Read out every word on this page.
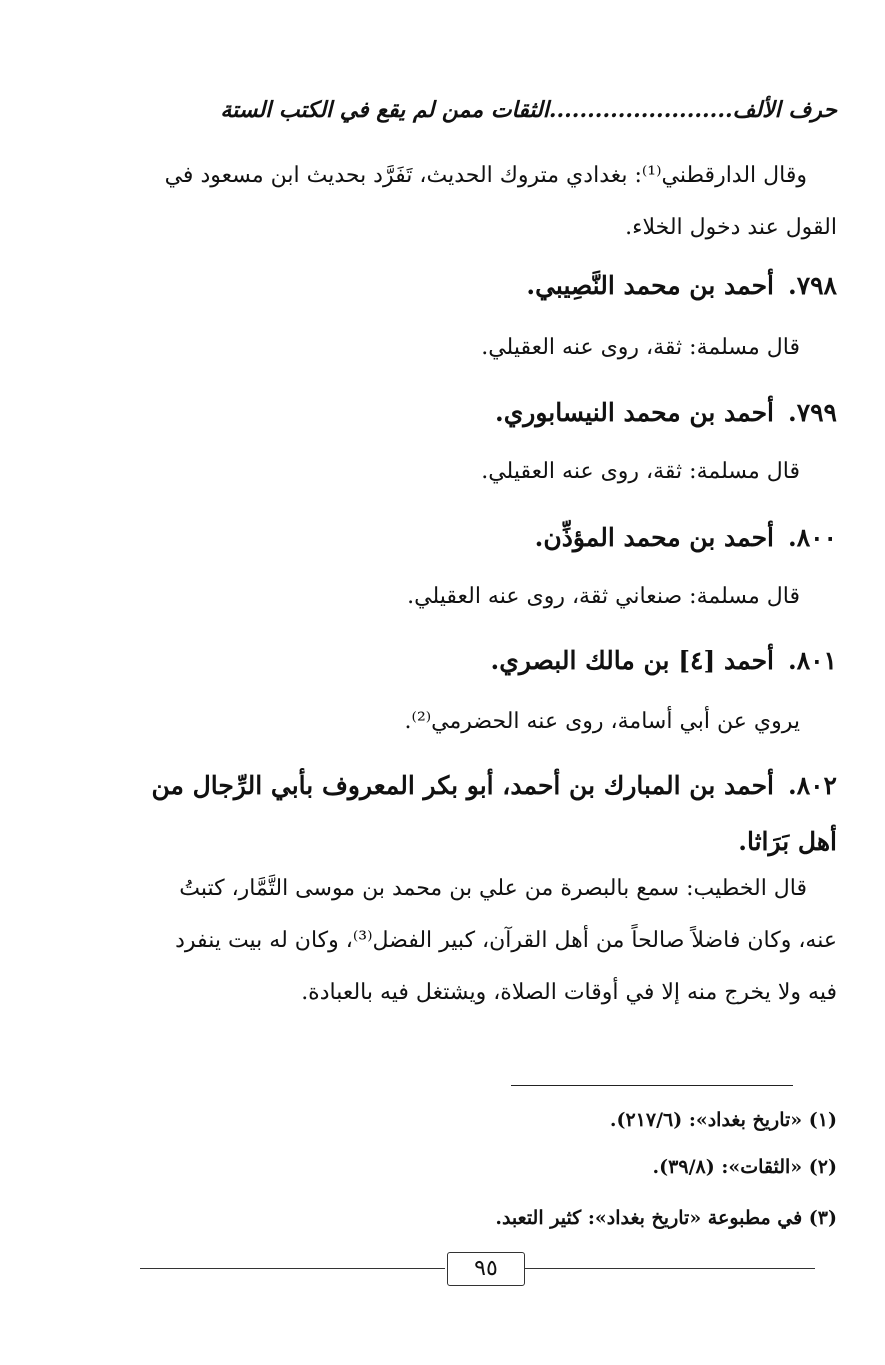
حرف الألف........................الثقات ممن لم يقع في الكتب الستة
وقال الدارقطني⁽¹⁾: بغدادي متروك الحديث، تَفَرَّد بحديث ابن مسعود في القول عند دخول الخلاء.
٧٩٨.أحمد بن محمد النَّصِيبي.
قال مسلمة: ثقة، روى عنه العقيلي.
٧٩٩.أحمد بن محمد النيسابوري.
قال مسلمة: ثقة، روى عنه العقيلي.
٨٠٠.أحمد بن محمد المؤذِّن.
قال مسلمة: صنعاني ثقة، روى عنه العقيلي.
٨٠١.أحمد [٤] بن مالك البصري.
يروي عن أبي أسامة، روى عنه الحضرمي⁽²⁾.
٨٠٢.أحمد بن المبارك بن أحمد، أبو بكر المعروف بأبي الرِّجال من أهل بَرَاثا.
قال الخطيب: سمع بالبصرة من علي بن محمد بن موسى التَّمَّار، كتبتُ عنه، وكان فاضلاً صالحاً من أهل القرآن، كبير الفضل⁽³⁾، وكان له بيت ينفرد فيه ولا يخرج منه إلا في أوقات الصلاة، ويشتغل فيه بالعبادة.
(١) «تاريخ بغداد»: (٢١٧/٦).
(٢) «الثقات»: (٣٩/٨).
(٣) في مطبوعة «تاريخ بغداد»: كثير التعبد.
٩٥
